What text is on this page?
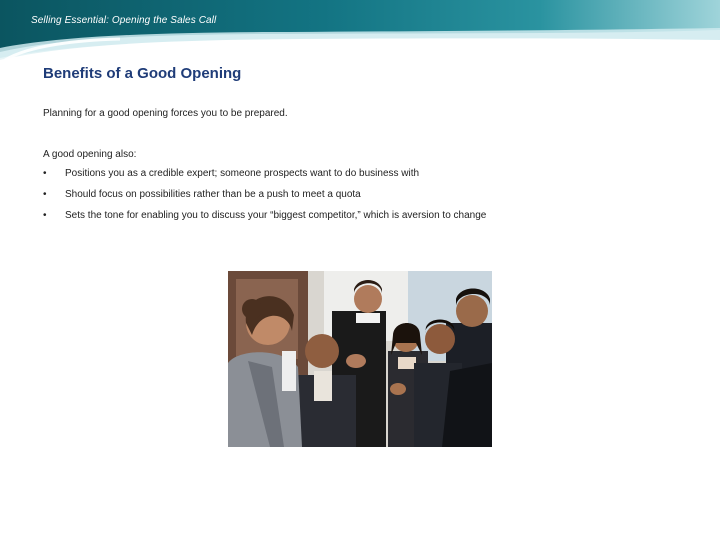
Selling Essential: Opening the Sales Call
Benefits of a Good Opening
Planning for a good opening forces you to be prepared.
A good opening also:
• Positions you as a credible expert; someone prospects want to do business with
• Should focus on possibilities rather than be a push to meet a quota
• Sets the tone for enabling you to discuss your “biggest competitor,” which is aversion to change
